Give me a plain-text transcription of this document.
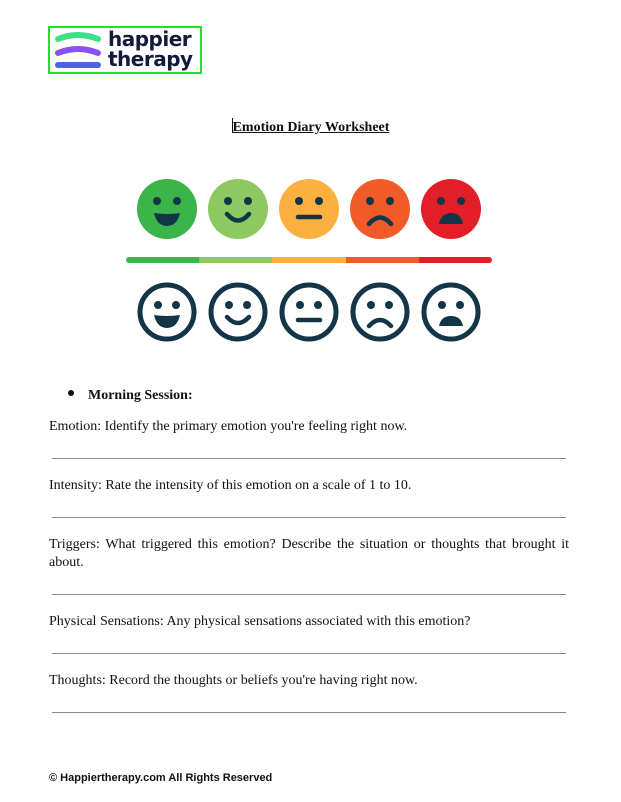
happier
therapy
Emotion Diary Worksheet
Morning Session:
Emotion: Identify the primary emotion you're feeling right now.
Intensity: Rate the intensity of this emotion on a scale of 1 to 10.
Triggers: What triggered this emotion? Describe the situation or thoughts that brought it about.
Physical Sensations: Any physical sensations associated with this emotion?
Thoughts: Record the thoughts or beliefs you're having right now.
© Happiertherapy.com All Rights Reserved
